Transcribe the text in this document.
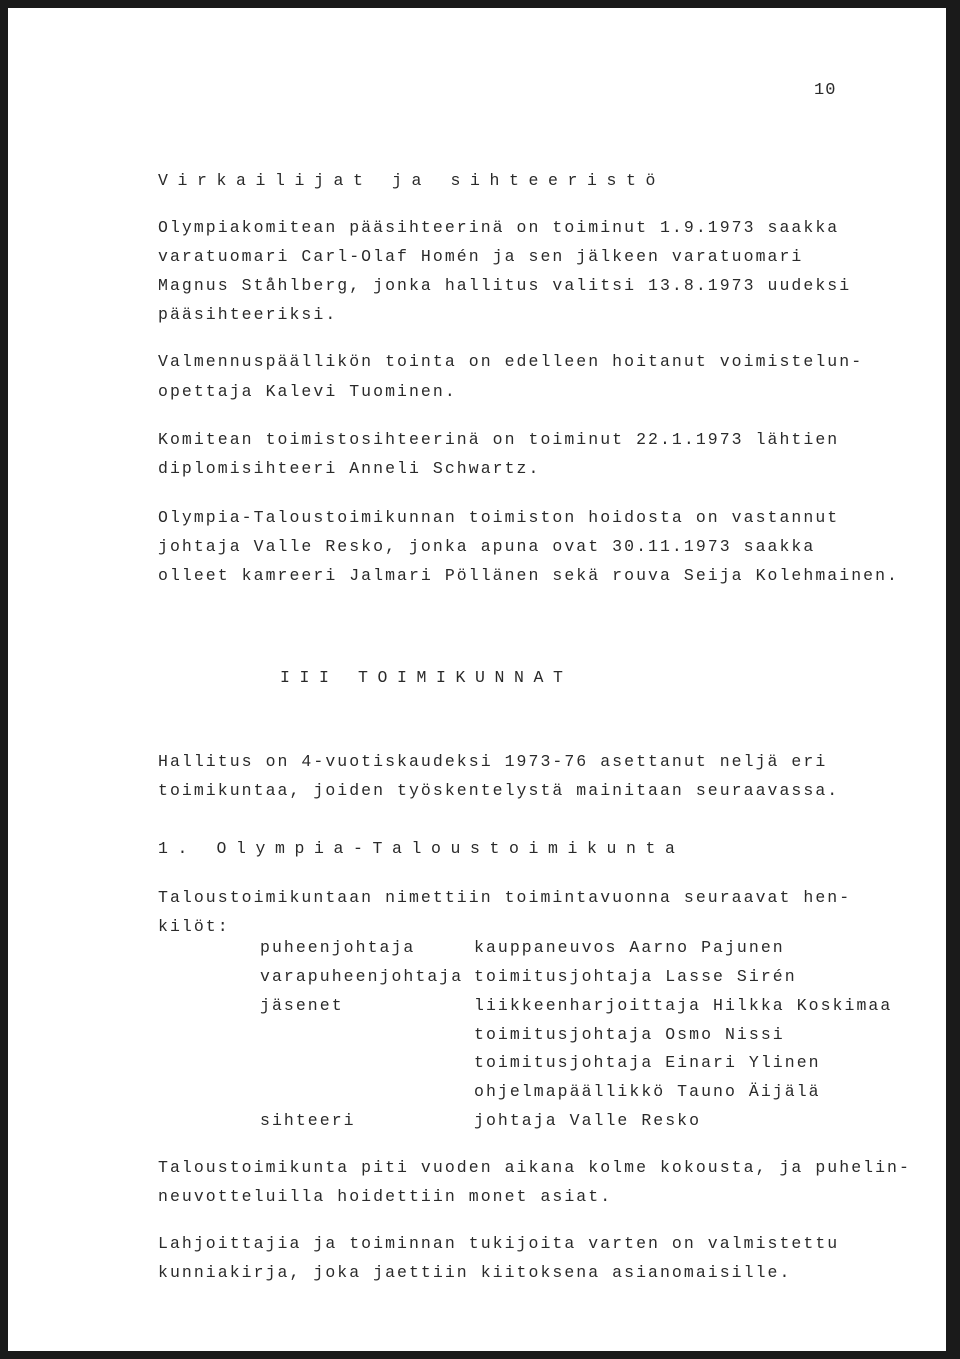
10
Virkailijat ja sihteeristö
Olympiakomitean pääsihteerinä on toiminut 1.9.1973 saakka
varatuomari Carl-Olaf Homén ja sen jälkeen varatuomari
Magnus Ståhlberg, jonka hallitus valitsi 13.8.1973 uudeksi
pääsihteeriksi.
Valmennuspäällikön tointa on edelleen hoitanut voimistelun-
opettaja Kalevi Tuominen.
Komitean toimistosihteerinä on toiminut 22.1.1973 lähtien
diplomisihteeri Anneli Schwartz.
Olympia-Taloustoimikunnan toimiston hoidosta on vastannut
johtaja Valle Resko, jonka apuna ovat 30.11.1973 saakka
olleet kamreeri Jalmari Pöllänen sekä rouva Seija Kolehmainen.
III TOIMIKUNNAT
Hallitus on 4-vuotiskaudeksi 1973-76 asettanut neljä eri
toimikuntaa, joiden työskentelystä mainitaan seuraavassa.
1. Olympia-Taloustoimikunta
Taloustoimikuntaan nimettiin toimintavuonna seuraavat hen-
kilöt:
puheenjohtaja	kauppaneuvos Aarno Pajunen
varapuheenjohtaja toimitusjohtaja Lasse Sirén
jäsenet	liikkeenharjoittaja Hilkka Koskimaa
toimitusjohtaja Osmo Nissi
toimitusjohtaja Einari Ylinen
ohjelmapäällikkö Tauno Äijälä
sihteeri	johtaja Valle Resko
Taloustoimikunta piti vuoden aikana kolme kokousta, ja puhelin-
neuvotteluilla hoidettiin monet asiat.
Lahjoittajia ja toiminnan tukijoita varten on valmistettu
kunniakirja, joka jaettiin kiitoksena asianomaisille.
